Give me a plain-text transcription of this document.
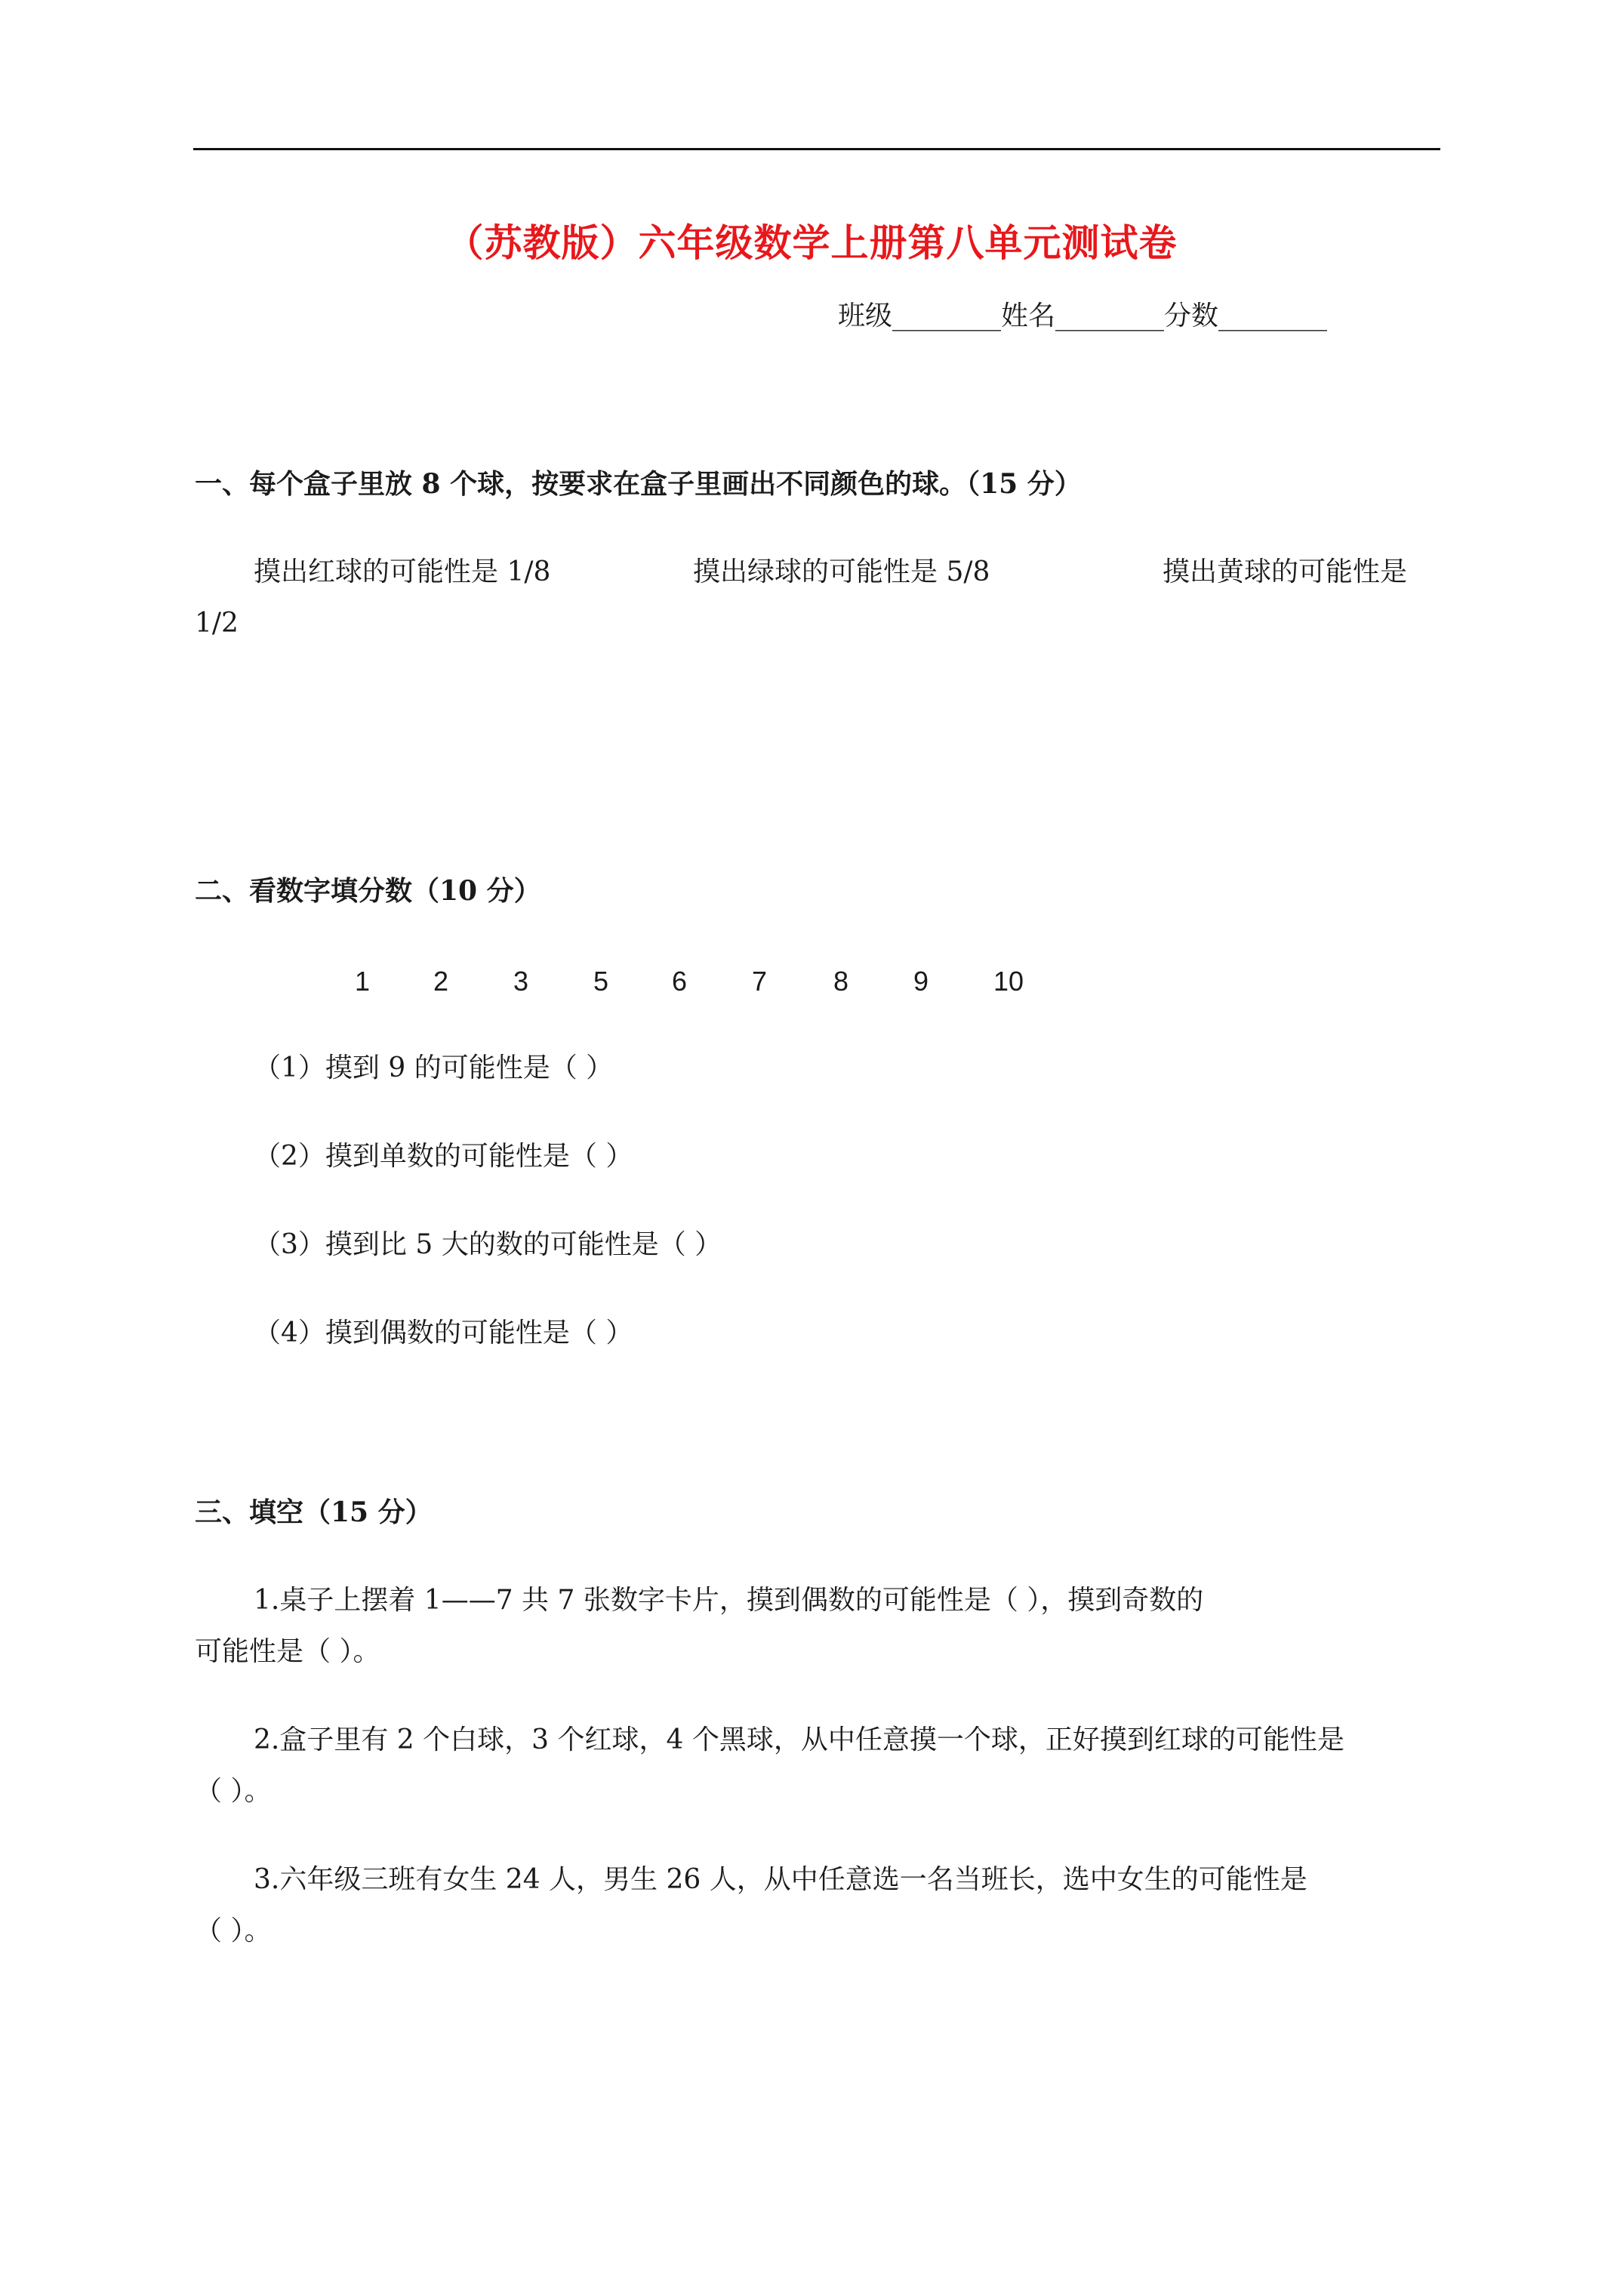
（苏教版）六年级数学上册第八单元测试卷
班级________姓名________分数________
一、每个盒子里放 8 个球，按要求在盒子里画出不同颜色的球。（15 分）
摸出红球的可能性是 1/8	摸出绿球的可能性是 5/8	摸出黄球的可能性是
1/2
二、看数字填分数（10 分）
1 2 3 5 6 7 8 9 10
（1）摸到 9 的可能性是（ ）
（2）摸到单数的可能性是（ ）
（3）摸到比 5 大的数的可能性是（ ）
（4）摸到偶数的可能性是（ ）
三、填空（15 分）
1.桌子上摆着 1——7 共 7 张数字卡片，摸到偶数的可能性是（ ），摸到奇数的
可能性是（ ）。
2.盒子里有 2 个白球，3 个红球，4 个黑球，从中任意摸一个球，正好摸到红球的可能性是
（ ）。
3.六年级三班有女生 24 人，男生 26 人，从中任意选一名当班长，选中女生的可能性是
（ ）。
